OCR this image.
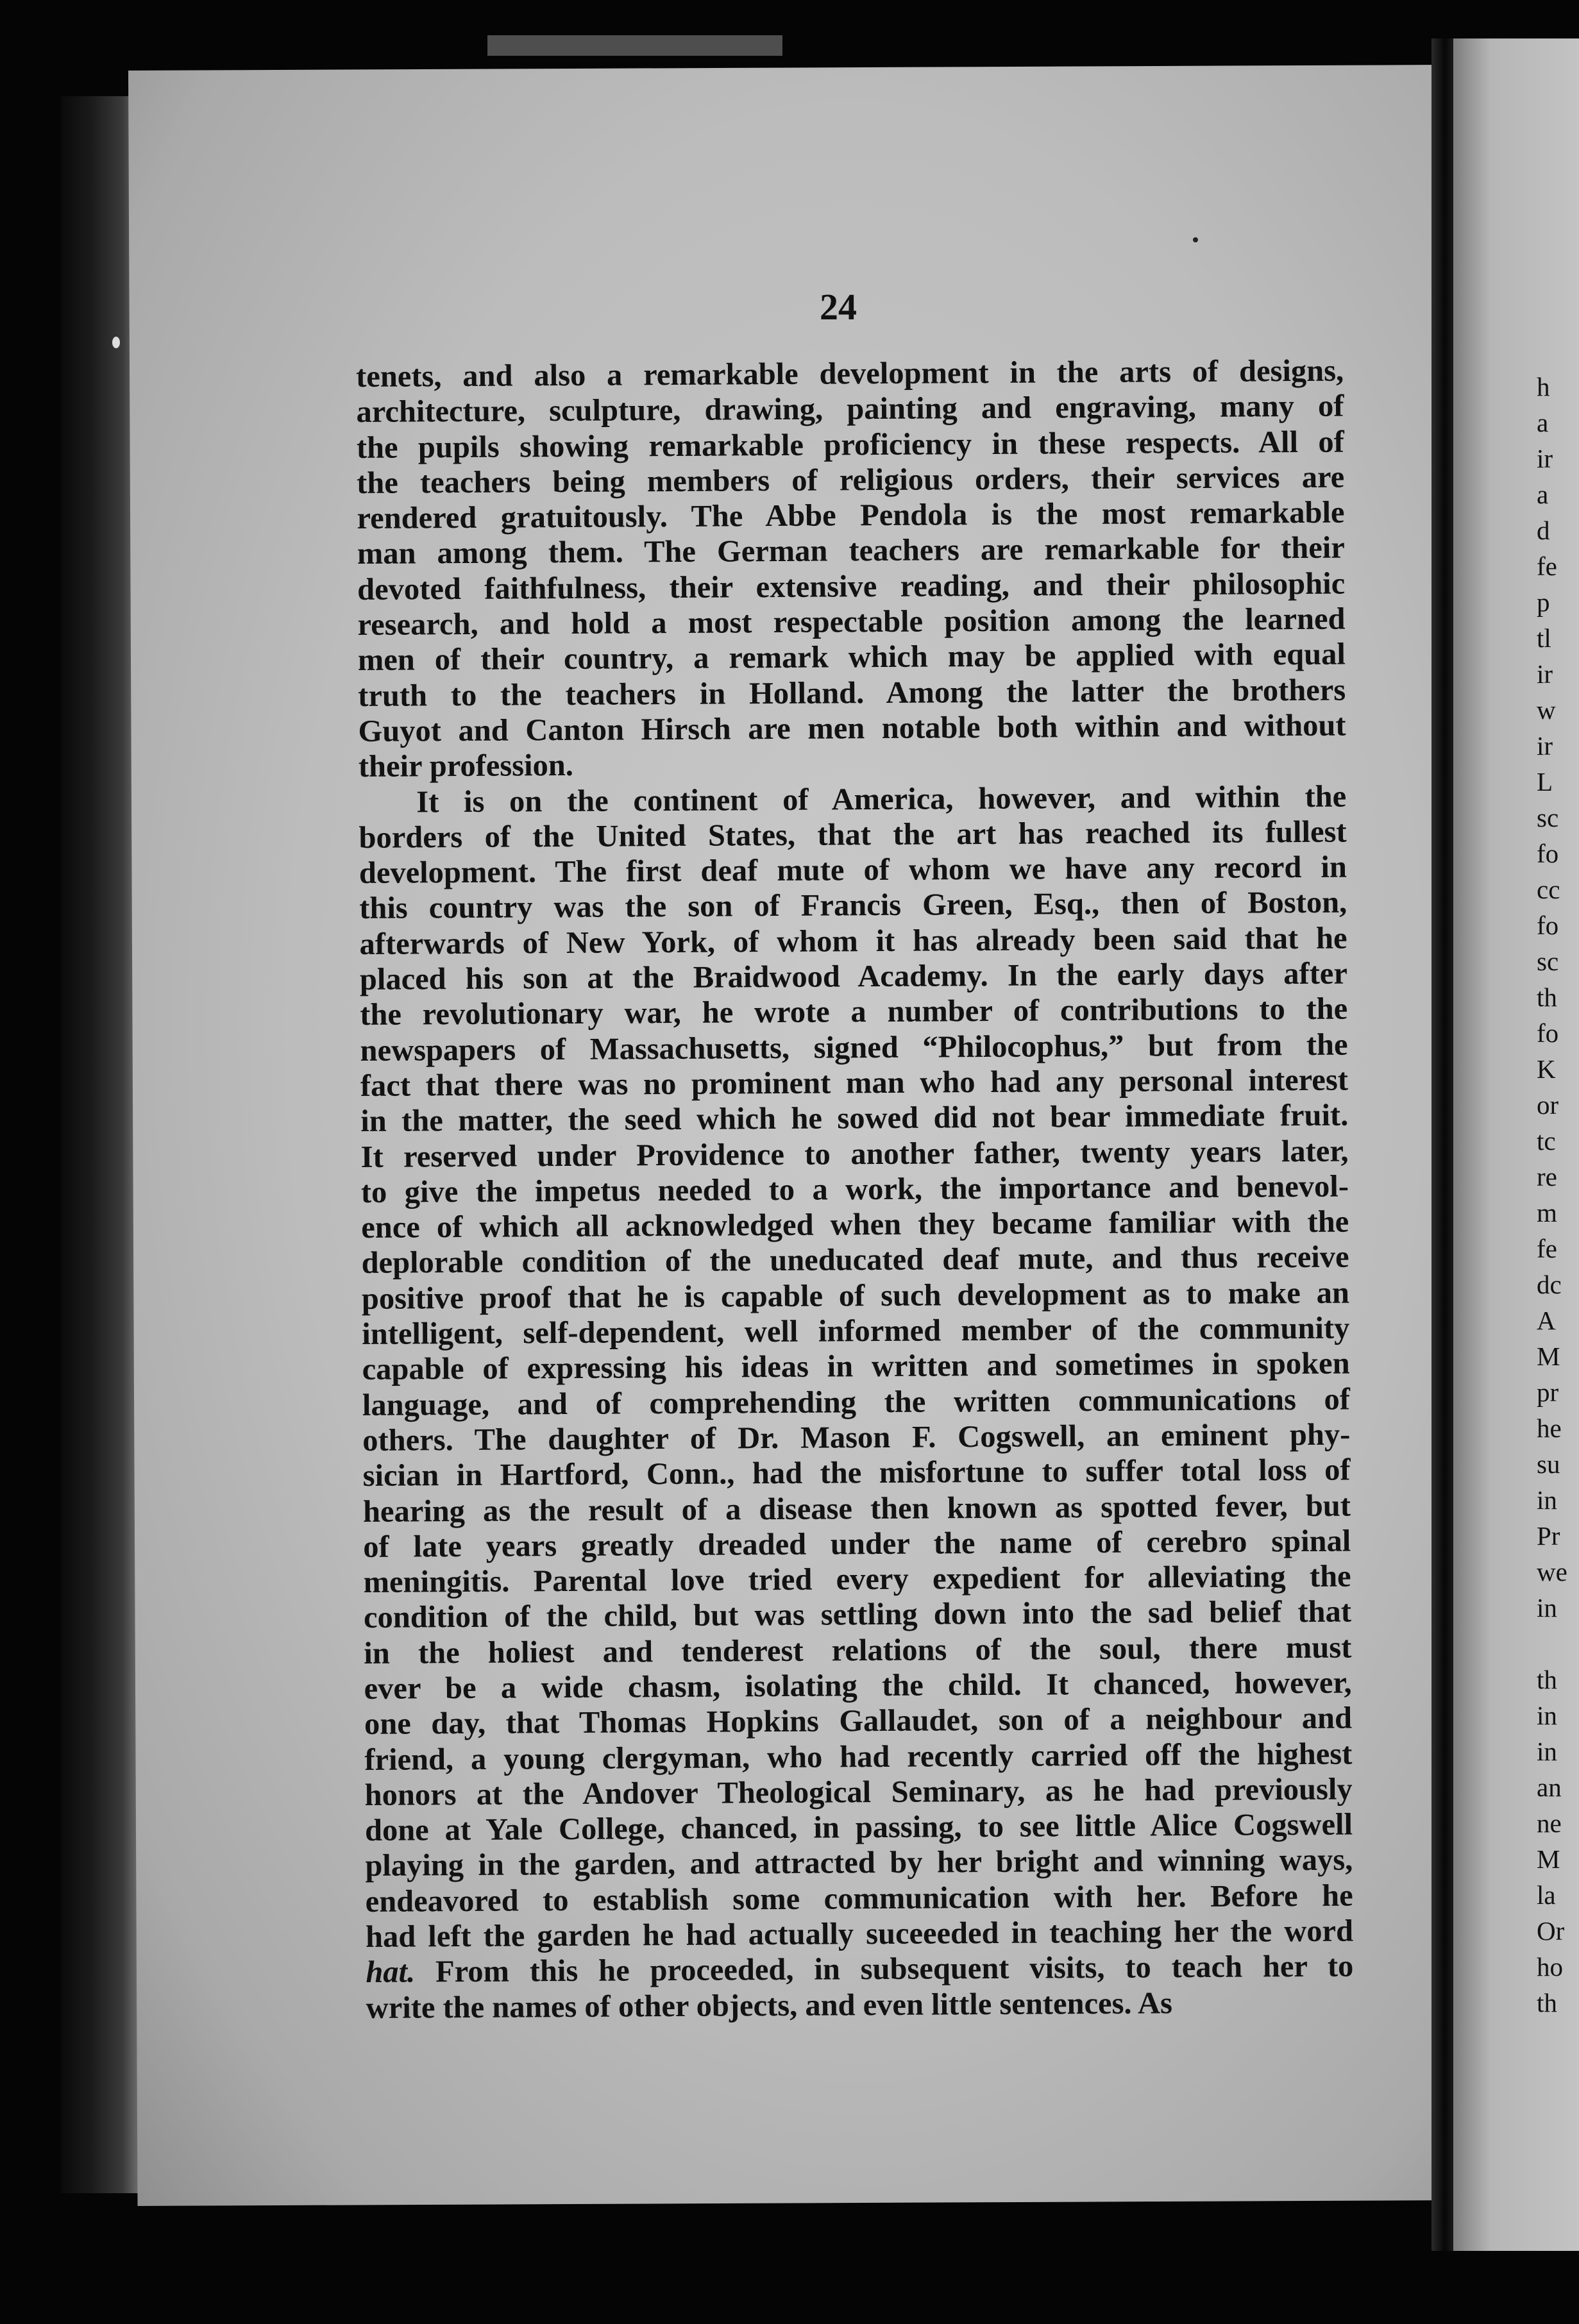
24
tenets, and also a remarkable development in the arts of designs,
architecture, sculpture, drawing, painting and engraving, many of
the pupils showing remarkable proficiency in these respects. All of
the teachers being members of religious orders, their services are
rendered gratuitously. The Abbe Pendola is the most remarkable
man among them. The German teachers are remarkable for their
devoted faithfulness, their extensive reading, and their philosophic
research, and hold a most respectable position among the learned
men of their country, a remark which may be applied with equal
truth to the teachers in Holland. Among the latter the brothers
Guyot and Canton Hirsch are men notable both within and without
their profession.
It is on the continent of America, however, and within the
borders of the United States, that the art has reached its fullest
development. The first deaf mute of whom we have any record in
this country was the son of Francis Green, Esq., then of Boston,
afterwards of New York, of whom it has already been said that he
placed his son at the Braidwood Academy. In the early days after
the revolutionary war, he wrote a number of contributions to the
newspapers of Massachusetts, signed “Philocophus,” but from the
fact that there was no prominent man who had any personal interest
in the matter, the seed which he sowed did not bear immediate fruit.
It reserved under Providence to another father, twenty years later,
to give the impetus needed to a work, the importance and benevol-
ence of which all acknowledged when they became familiar with the
deplorable condition of the uneducated deaf mute, and thus receive
positive proof that he is capable of such development as to make an
intelligent, self-dependent, well informed member of the community
capable of expressing his ideas in written and sometimes in spoken
language, and of comprehending the written communications of
others. The daughter of Dr. Mason F. Cogswell, an eminent phy-
sician in Hartford, Conn., had the misfortune to suffer total loss of
hearing as the result of a disease then known as spotted fever, but
of late years greatly dreaded under the name of cerebro spinal
meningitis. Parental love tried every expedient for alleviating the
condition of the child, but was settling down into the sad belief that
in the holiest and tenderest relations of the soul, there must
ever be a wide chasm, isolating the child. It chanced, however,
one day, that Thomas Hopkins Gallaudet, son of a neighbour and
friend, a young clergyman, who had recently carried off the highest
honors at the Andover Theological Seminary, as he had previously
done at Yale College, chanced, in passing, to see little Alice Cogswell
playing in the garden, and attracted by her bright and winning ways,
endeavored to establish some communication with her. Before he
had left the garden he had actually suceeeded in teaching her the word
hat. From this he proceeded, in subsequent visits, to teach her to
write the names of other objects, and even little sentences. As
h
a
ir
a
d
fe
p
tl
ir
w
ir
L
sc
fo
cc
fo
sc
th
fo
K
or
tc
re
m
fe
dc
A
M
pr
he
su
in
Pr
we
in
th
in
in
an
ne
M
la
Or
ho
th
